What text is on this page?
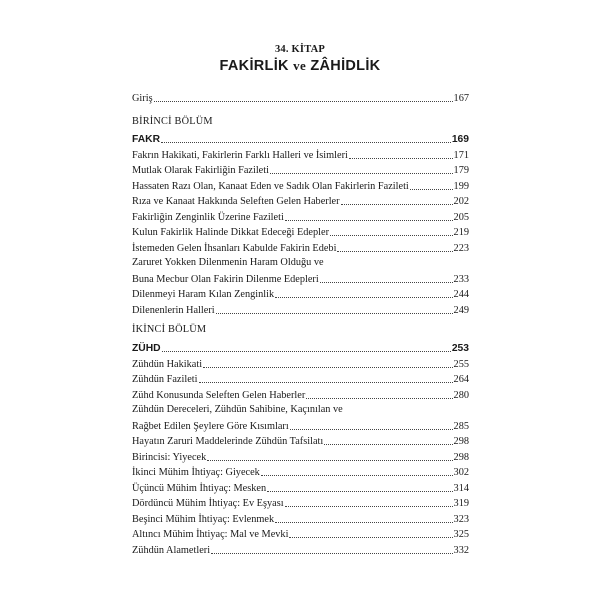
34. KİTAP
FAKİRLİK ve ZÂHİDLİK
Giriş	167
BİRİNCİ BÖLÜM
FAKR	169
Fakrın Hakikati, Fakirlerin Farklı Halleri ve İsimleri	171
Mutlak Olarak Fakirliğin Fazileti	179
Hassaten Razı Olan, Kanaat Eden ve Sadık Olan Fakirlerin Fazileti	199
Rıza ve Kanaat Hakkında Seleften Gelen Haberler	202
Fakirliğin Zenginlik Üzerine Fazileti	205
Kulun Fakirlik Halinde Dikkat Edeceği Edepler	219
İstemeden Gelen İhsanları Kabulde Fakirin Edebi	223
Zaruret Yokken Dilenmenin Haram Olduğu ve
Buna Mecbur Olan Fakirin Dilenme Edepleri	233
Dilenmeyi Haram Kılan Zenginlik	244
Dilenenlerin Halleri	249
İKİNCİ BÖLÜM
ZÜHD	253
Zühdün Hakikati	255
Zühdün Fazileti	264
Zühd Konusunda Seleften Gelen Haberler	280
Zühdün Dereceleri, Zühdün Sahibine, Kaçınılan ve
Rağbet Edilen Şeylere Göre Kısımları	285
Hayatın Zaruri Maddelerinde Zühdün Tafsilatı	298
Birincisi: Yiyecek	298
İkinci Mühim İhtiyaç: Giyecek	302
Üçüncü Mühim İhtiyaç: Mesken	314
Dördüncü Mühim İhtiyaç: Ev Eşyası	319
Beşinci Mühim İhtiyaç: Evlenmek	323
Altıncı Mühim İhtiyaç: Mal ve Mevki	325
Zühdün Alametleri	332
